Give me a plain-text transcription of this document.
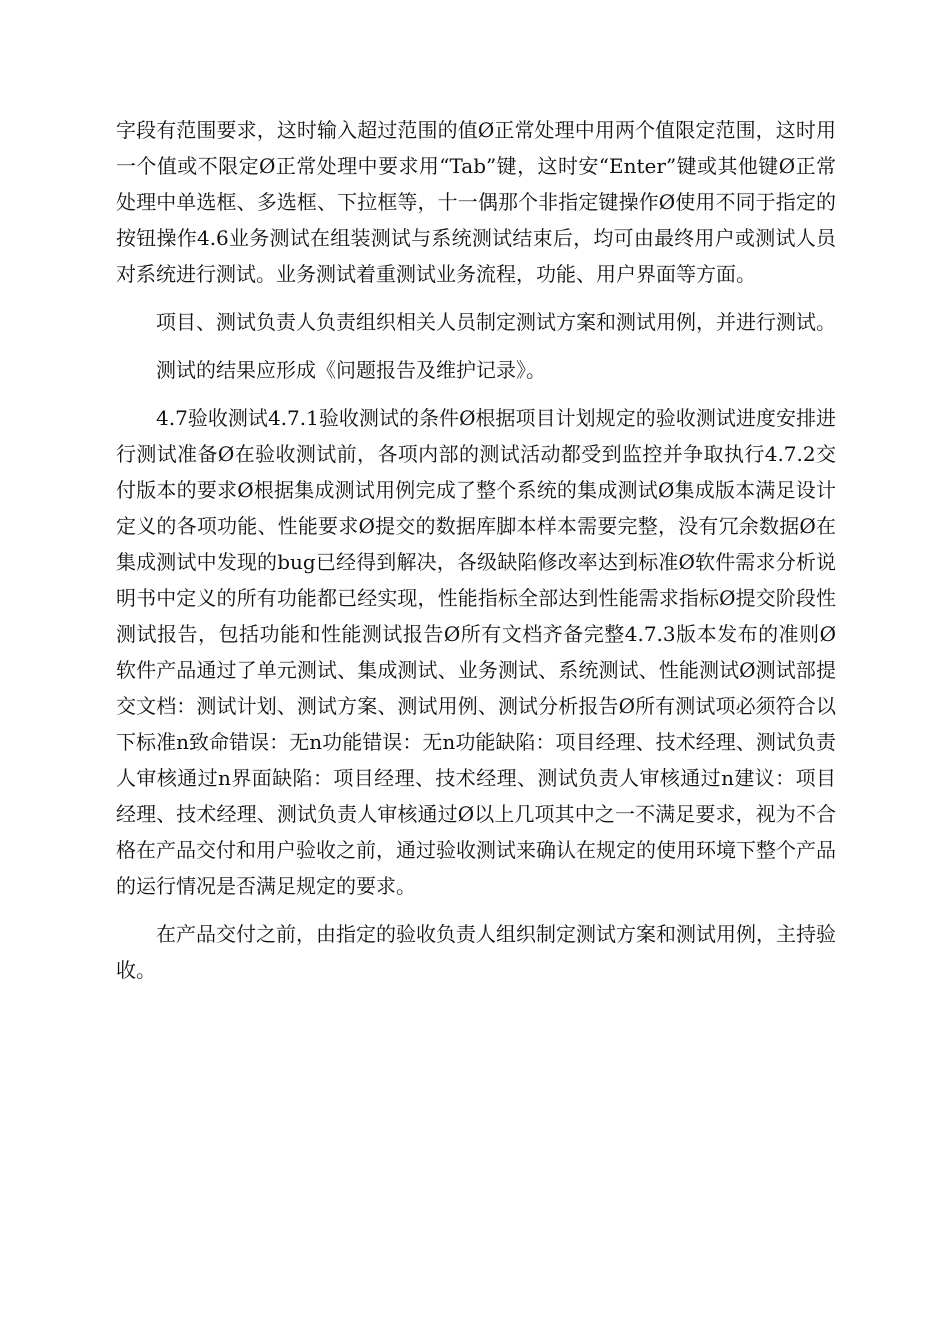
字段有范围要求，这时输入超过范围的值Ø正常处理中用两个值限定范围，这时用一个值或不限定Ø正常处理中要求用“Tab”键，这时安“Enter”键或其他键Ø正常处理中单选框、多选框、下拉框等，十一偶那个非指定键操作Ø使用不同于指定的按钮操作4.6业务测试在组装测试与系统测试结束后，均可由最终用户或测试人员对系统进行测试。业务测试着重测试业务流程，功能、用户界面等方面。

项目、测试负责人负责组织相关人员制定测试方案和测试用例，并进行测试。

测试的结果应形成《问题报告及维护记录》。

4.7验收测试4.7.1验收测试的条件Ø根据项目计划规定的验收测试进度安排进行测试准备Ø在验收测试前，各项内部的测试活动都受到监控并争取执行4.7.2交付版本的要求Ø根据集成测试用例完成了整个系统的集成测试Ø集成版本满足设计定义的各项功能、性能要求Ø提交的数据库脚本样本需要完整，没有冗余数据Ø在集成测试中发现的bug已经得到解决，各级缺陷修改率达到标准Ø软件需求分析说明书中定义的所有功能都已经实现，性能指标全部达到性能需求指标Ø提交阶段性测试报告，包括功能和性能测试报告Ø所有文档齐备完整4.7.3版本发布的准则Ø软件产品通过了单元测试、集成测试、业务测试、系统测试、性能测试Ø测试部提交文档：测试计划、测试方案、测试用例、测试分析报告Ø所有测试项必须符合以下标准n致命错误：无n功能错误：无n功能缺陷：项目经理、技术经理、测试负责人审核通过n界面缺陷：项目经理、技术经理、测试负责人审核通过n建议：项目经理、技术经理、测试负责人审核通过Ø以上几项其中之一不满足要求，视为不合格在产品交付和用户验收之前，通过验收测试来确认在规定的使用环境下整个产品的运行情况是否满足规定的要求。

在产品交付之前，由指定的验收负责人组织制定测试方案和测试用例，主持验收。
